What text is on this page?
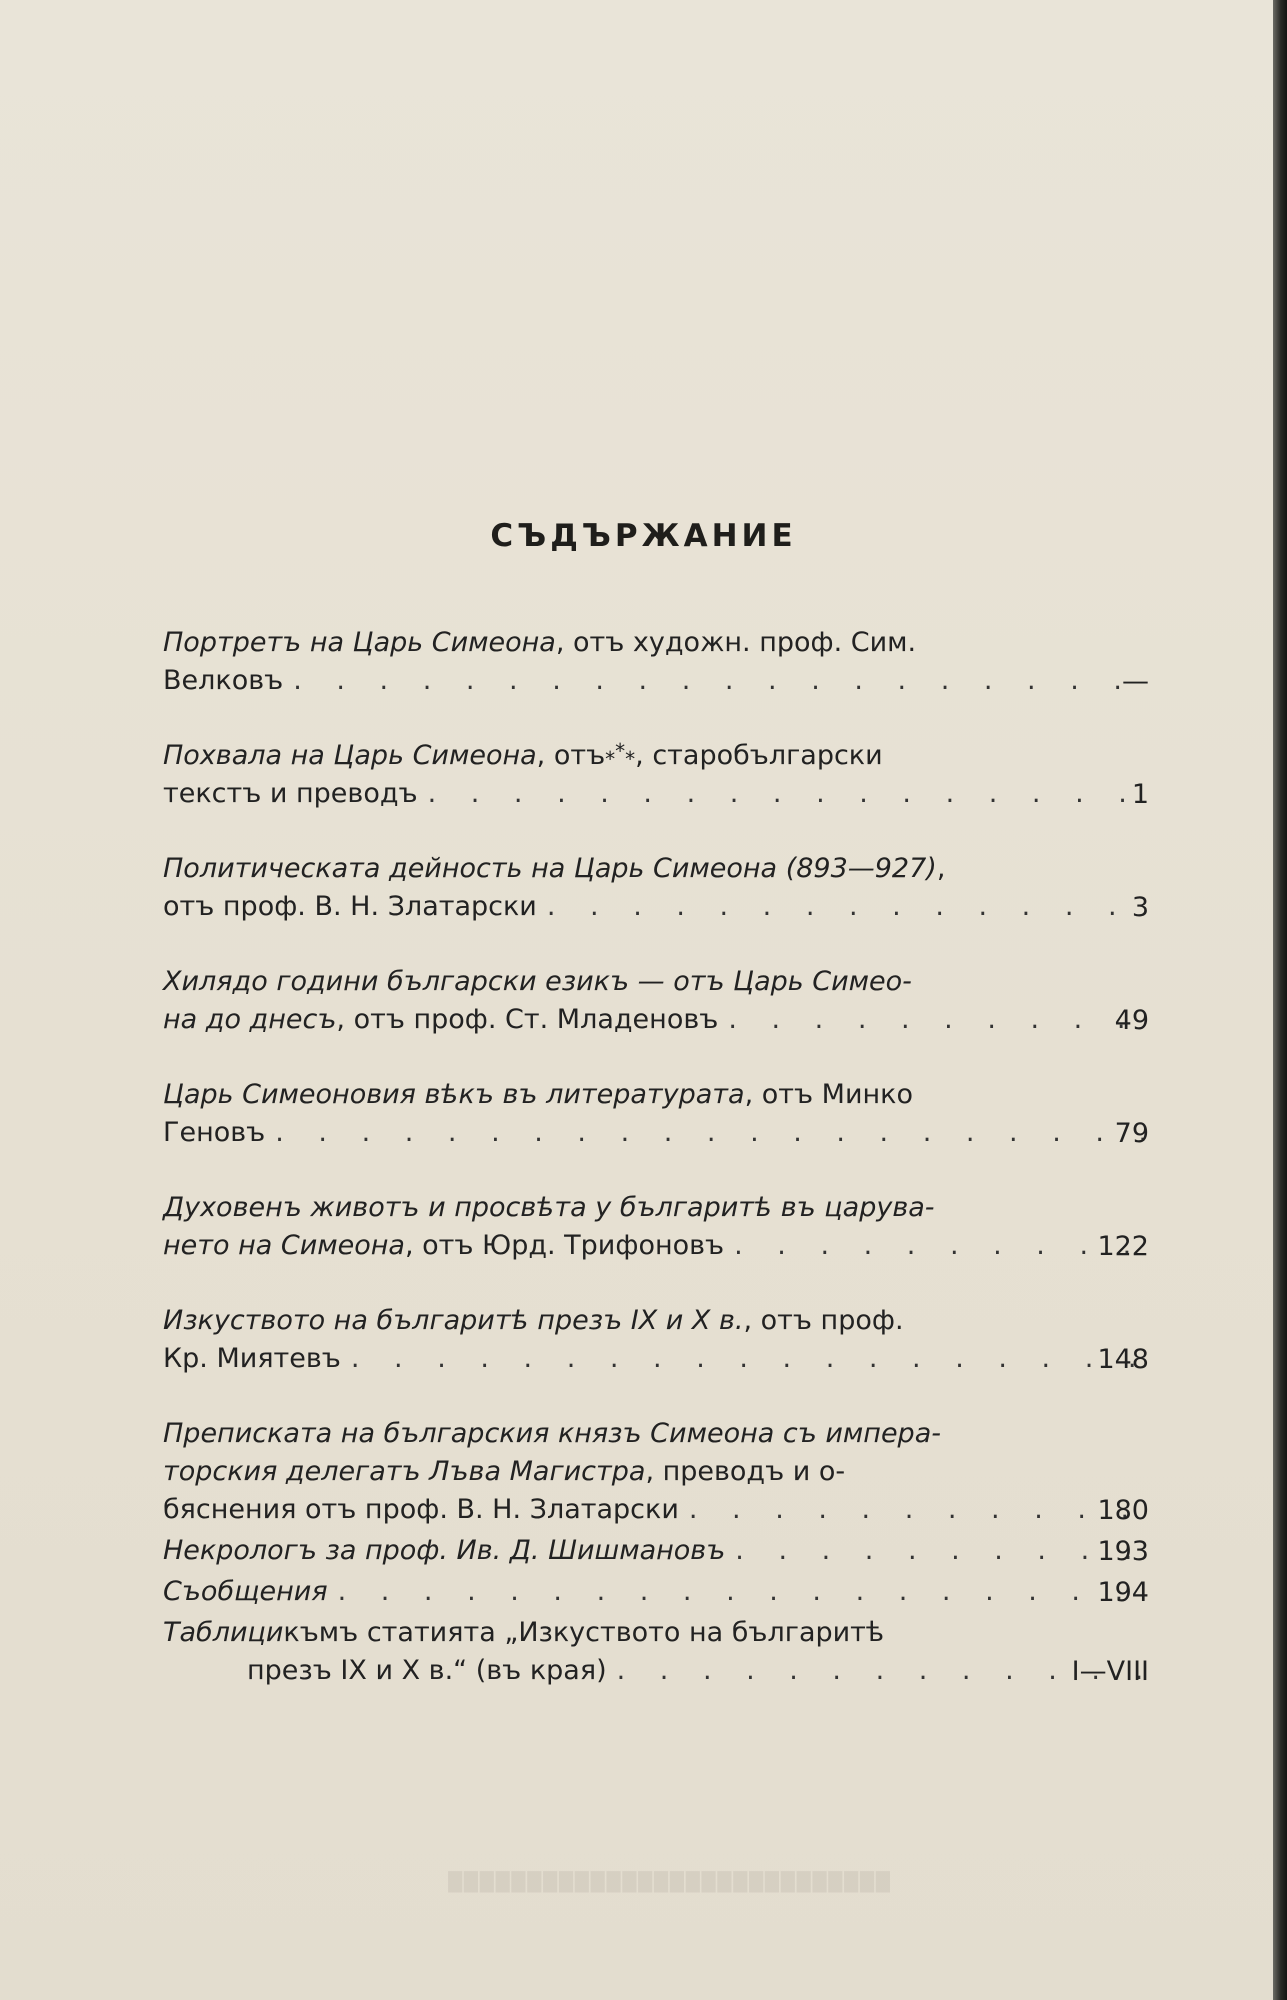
СЪДЪРЖАНИЕ
Портретъ на Царь Симеона , отъ художн. проф. Сим.
Велковъ . . .	—
Похвала на Царь Симеона , отъ *** , старобългарски
текстъ и преводъ . . .	1
Политическата дейность на Царь Симеона (893—927) ,
отъ проф. В. Н. Златарски . . .	3
Хилядо години български езикъ — отъ Царь Симео-
на до днесъ , отъ проф. Ст. Младеновъ . . .	49
Царь Симеоновия вѣкъ въ литературата , отъ Минко
Геновъ . . .	79
Духовенъ животъ и просвѣта у българитѣ въ царува-
нето на Симеона , отъ Юрд. Трифоновъ . . .	122
Изкуството на българитѣ презъ IX и X в. , отъ проф.
Кр. Миятевъ . . .	148
Преписката на българския князъ Симеона съ импера-
торския делегатъ Лъва Магистра , преводъ и о-
бяснения отъ проф. В. Н. Златарски . . .	180
Некрологъ за проф. Ив. Д. Шишмановъ . . .	193
Съобщения . . .	194
Таблици къмъ статията „Изкуството на българитѣ
презъ IX и X в.“ (въ края) . . .	I—VIII
████████████████████████████
